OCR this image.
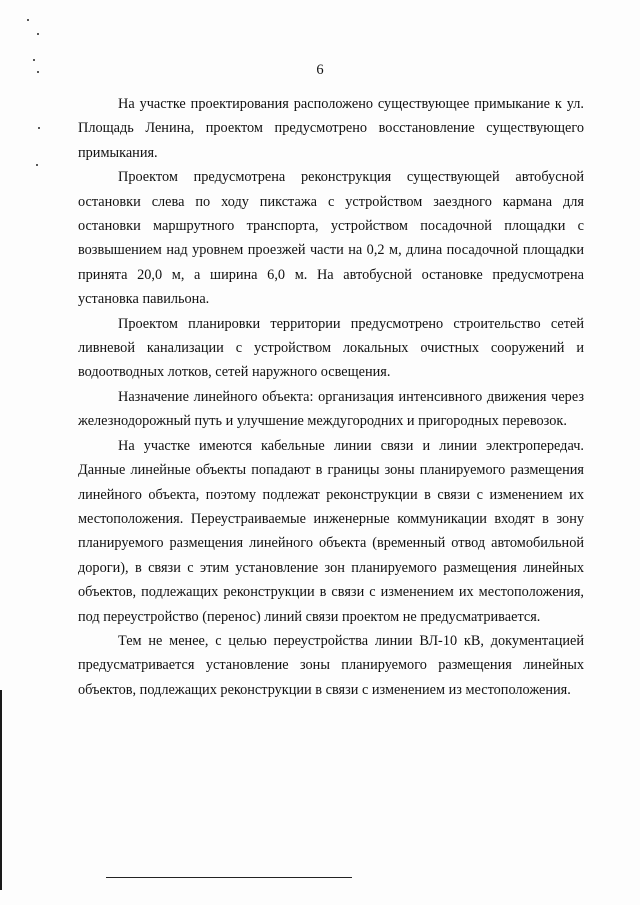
6

На участке проектирования расположено существующее примыкание к ул. Площадь Ленина, проектом предусмотрено восстановление существующего примыкания.

Проектом предусмотрена реконструкция существующей автобусной остановки слева по ходу пикстажа с устройством заездного кармана для остановки маршрутного транспорта, устройством посадочной площадки с возвышением над уровнем проезжей части на 0,2 м, длина посадочной площадки принята 20,0 м, а ширина 6,0 м. На автобусной остановке предусмотрена установка павильона.

Проектом планировки территории предусмотрено строительство сетей ливневой канализации с устройством локальных очистных сооружений и водоотводных лотков, сетей наружного освещения.

Назначение линейного объекта: организация интенсивного движения через железнодорожный путь и улучшение междугородних и пригородных перевозок.

На участке имеются кабельные линии связи и линии электропередач. Данные линейные объекты попадают в границы зоны планируемого размещения линейного объекта, поэтому подлежат реконструкции в связи с изменением их местоположения. Переустраиваемые инженерные коммуникации входят в зону планируемого размещения линейного объекта (временный отвод автомобильной дороги), в связи с этим установление зон планируемого размещения линейных объектов, подлежащих реконструкции в связи с изменением их местоположения, под переустройство (перенос) линий связи проектом не предусматривается.

Тем не менее, с целью переустройства линии ВЛ-10 кВ, документацией предусматривается установление зоны планируемого размещения линейных объектов, подлежащих реконструкции в связи с изменением из местоположения.
